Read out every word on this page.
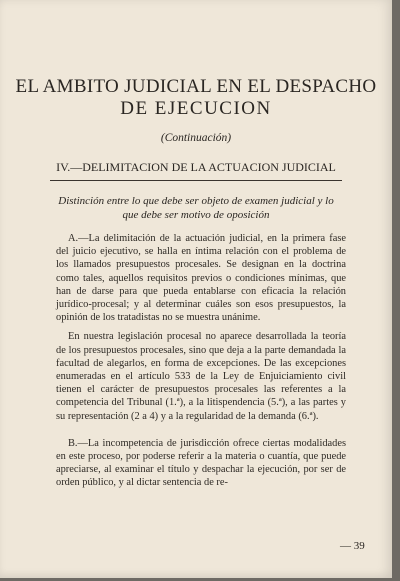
EL AMBITO JUDICIAL EN EL DESPACHO
DE EJECUCION
(Continuación)
IV.—DELIMITACION DE LA ACTUACION JUDICIAL
Distinción entre lo que debe ser objeto de examen judicial y lo que debe ser motivo de oposición

A.—La delimitación de la actuación judicial, en la primera fase del juicio ejecutivo, se halla en íntima relación con el problema de los llamados presupuestos procesales. Se designan en la doctrina como tales, aquellos requisitos previos o condiciones mínimas, que han de darse para que pueda entablarse con eficacia la relación jurídico-procesal; y al determinar cuáles son esos presupuestos, la opinión de los tratadistas no se muestra unánime.

En nuestra legislación procesal no aparece desarrollada la teoría de los presupuestos procesales, sino que deja a la parte demandada la facultad de alegarlos, en forma de excepciones. De las excepciones enumeradas en el artículo 533 de la Ley de Enjuiciamiento civil tienen el carácter de presupuestos procesales las referentes a la competencia del Tribunal (1.ª), a la litispendencia (5.ª), a las partes y su representación (2 a 4) y a la regularidad de la demanda (6.ª).

B.—La incompetencia de jurisdicción ofrece ciertas modalidades en este proceso, por poderse referir a la materia o cuantía, que puede apreciarse, al examinar el título y despachar la ejecución, por ser de orden público, y al dictar sentencia de re-

— 39
